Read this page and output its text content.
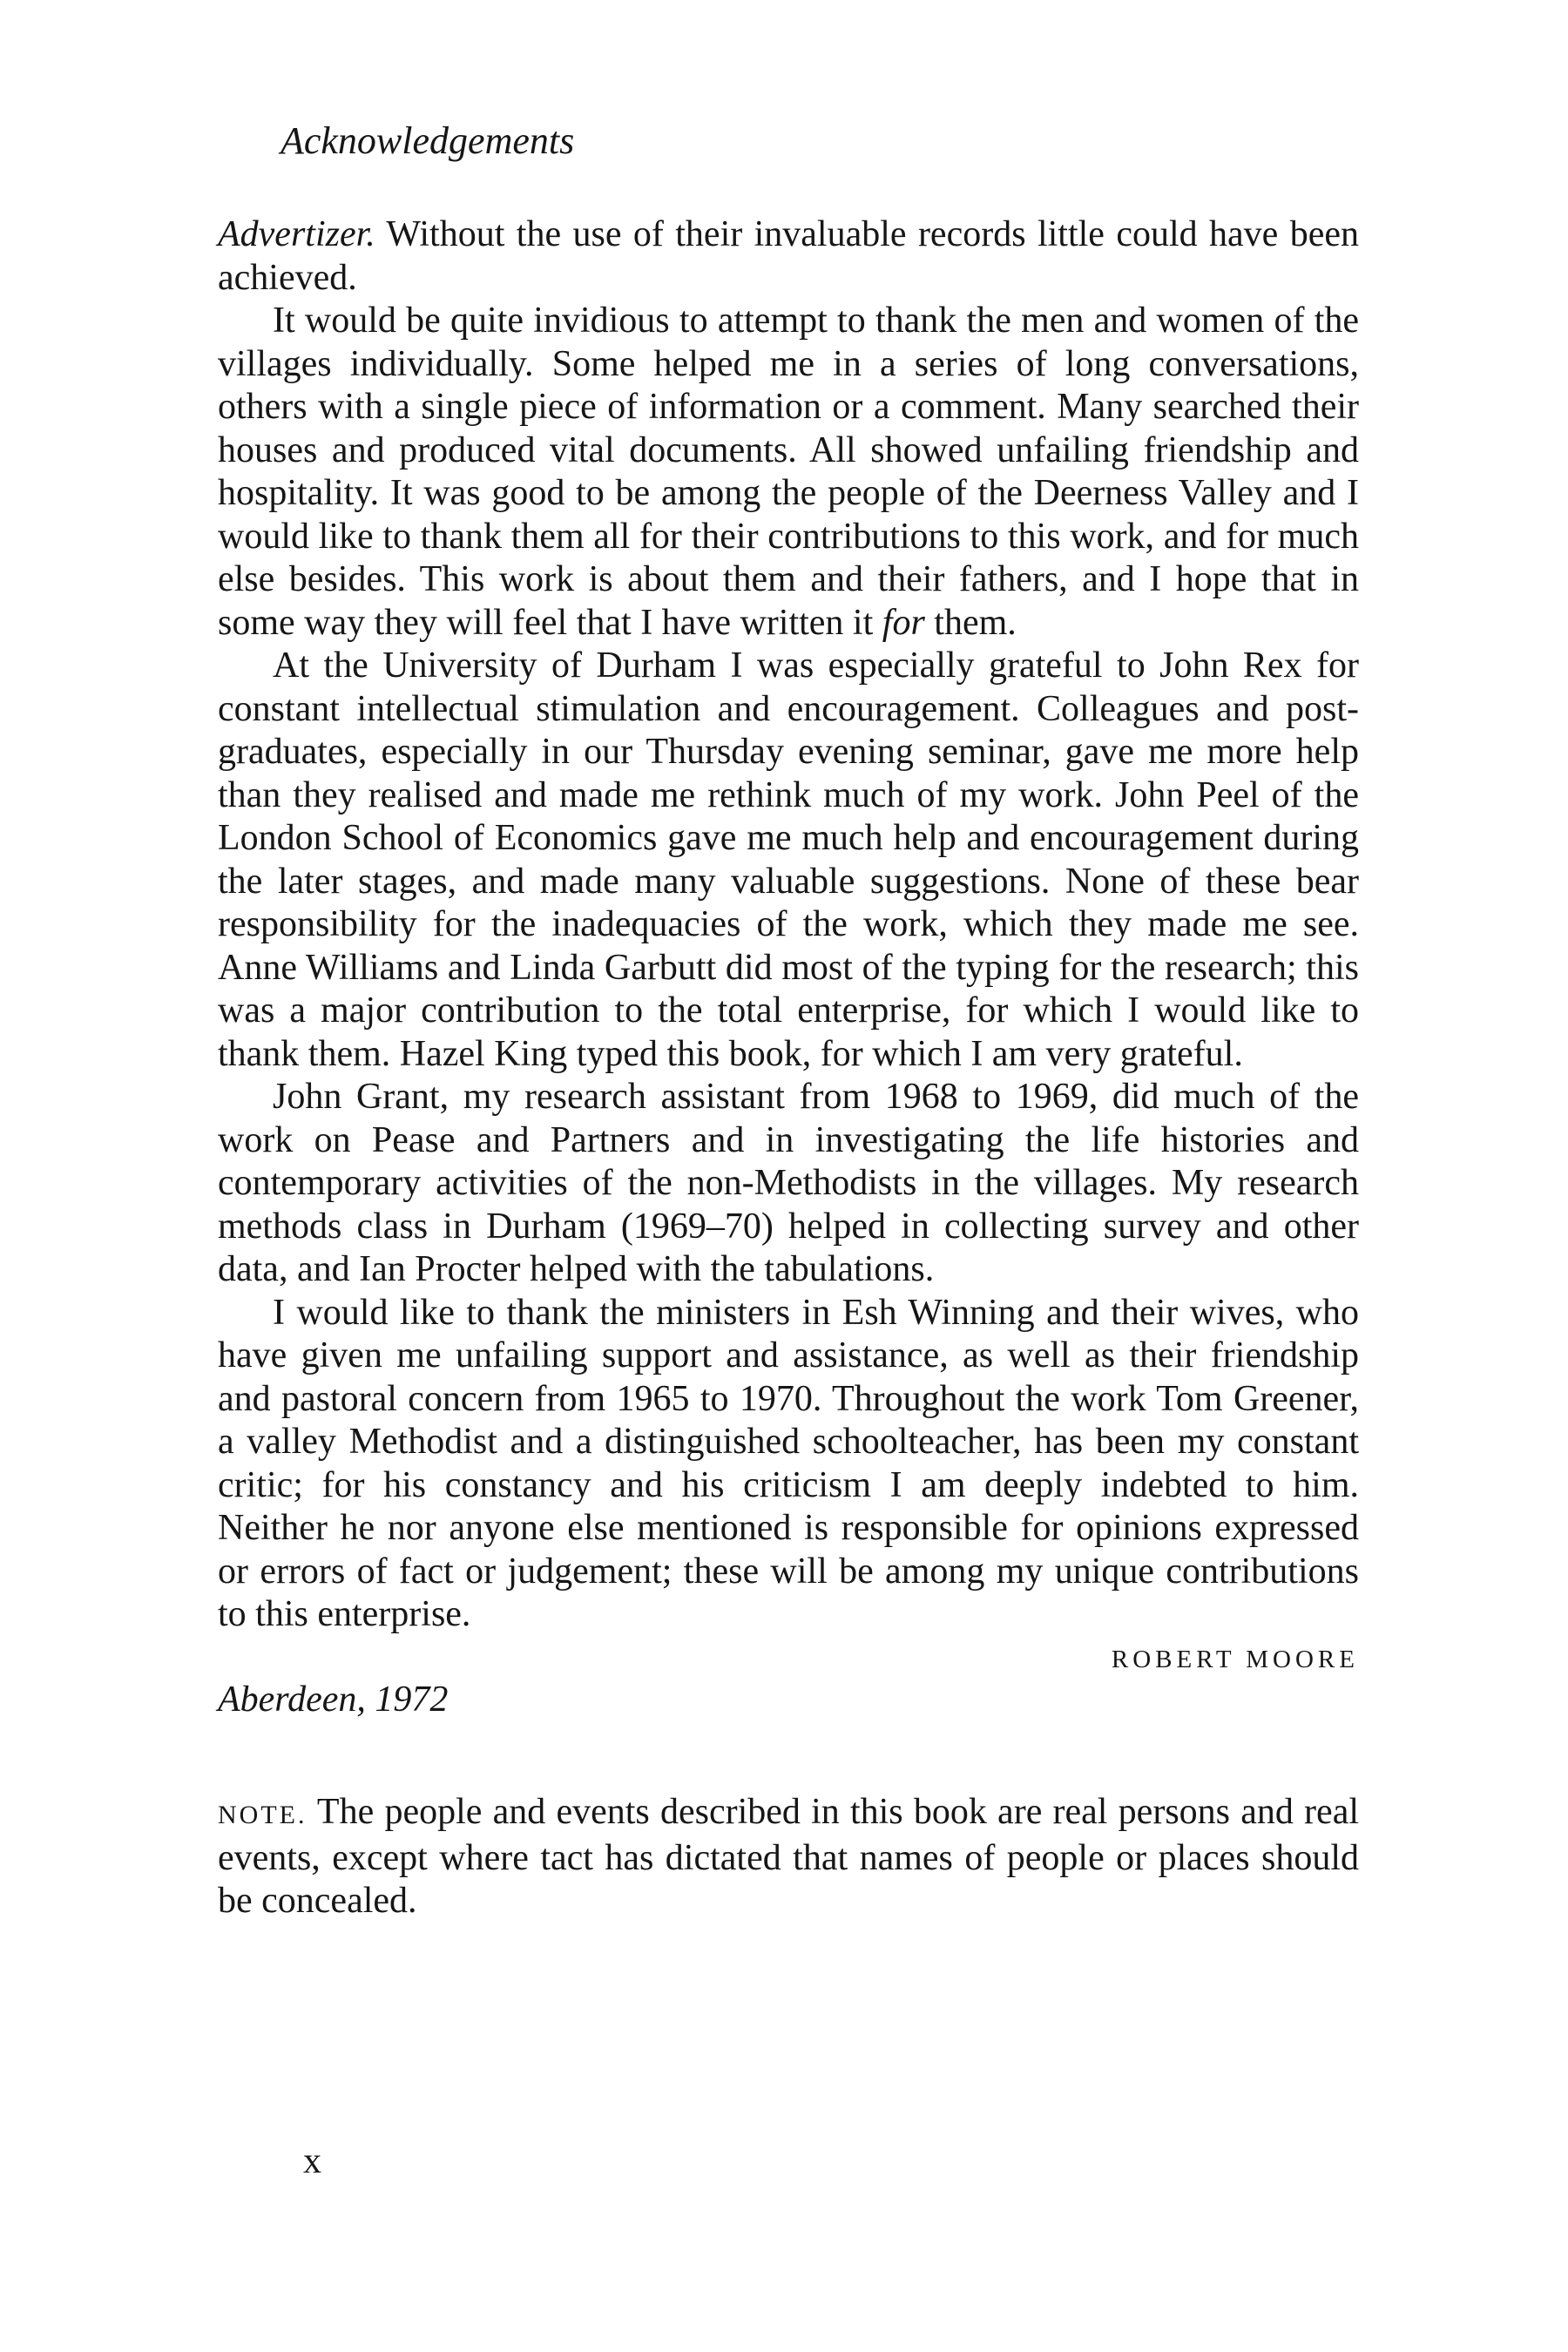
Acknowledgements

Advertizer. Without the use of their invaluable records little could have been achieved.

It would be quite invidious to attempt to thank the men and women of the villages individually. Some helped me in a series of long conversations, others with a single piece of information or a comment. Many searched their houses and produced vital documents. All showed unfailing friendship and hospitality. It was good to be among the people of the Deerness Valley and I would like to thank them all for their contributions to this work, and for much else besides. This work is about them and their fathers, and I hope that in some way they will feel that I have written it for them.

At the University of Durham I was especially grateful to John Rex for constant intellectual stimulation and encouragement. Colleagues and post-graduates, especially in our Thursday evening seminar, gave me more help than they realised and made me rethink much of my work. John Peel of the London School of Economics gave me much help and encouragement during the later stages, and made many valuable suggestions. None of these bear responsibility for the inadequacies of the work, which they made me see. Anne Williams and Linda Garbutt did most of the typing for the research; this was a major contribution to the total enterprise, for which I would like to thank them. Hazel King typed this book, for which I am very grateful.

John Grant, my research assistant from 1968 to 1969, did much of the work on Pease and Partners and in investigating the life histories and contemporary activities of the non-Methodists in the villages. My research methods class in Durham (1969–70) helped in collecting survey and other data, and Ian Procter helped with the tabulations.

I would like to thank the ministers in Esh Winning and their wives, who have given me unfailing support and assistance, as well as their friendship and pastoral concern from 1965 to 1970. Throughout the work Tom Greener, a valley Methodist and a distinguished schoolteacher, has been my constant critic; for his constancy and his criticism I am deeply indebted to him. Neither he nor anyone else mentioned is responsible for opinions expressed or errors of fact or judgement; these will be among my unique contributions to this enterprise.

ROBERT MOORE
Aberdeen, 1972

NOTE. The people and events described in this book are real persons and real events, except where tact has dictated that names of people or places should be concealed.

x
